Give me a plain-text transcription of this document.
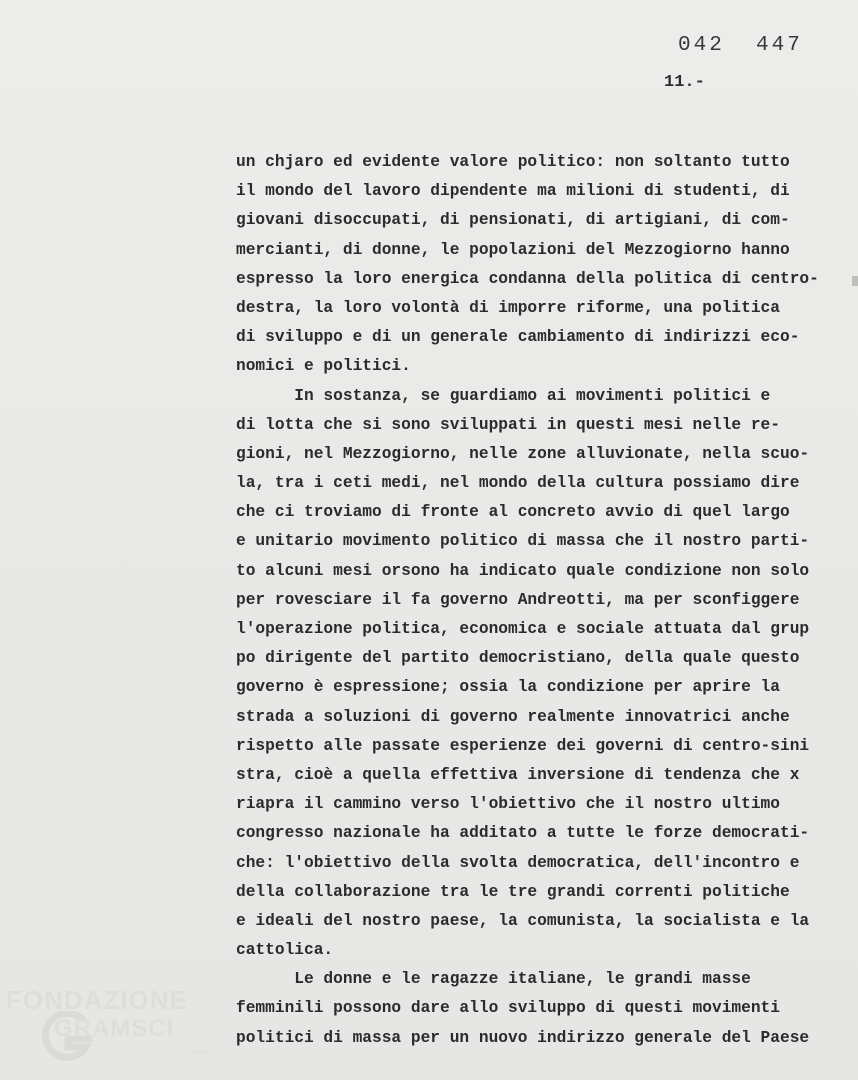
042  447
11.-
un chjaro ed evidente valore politico: non soltanto tutto
il mondo del lavoro dipendente ma milioni di studenti, di
giovani disoccupati, di pensionati, di artigiani, di com-
mercianti, di donne, le popolazioni del Mezzogiorno hanno
espresso la loro energica condanna della politica di centro-
destra, la loro volontà di imporre riforme, una politica
di sviluppo e di un generale cambiamento di indirizzi eco-
nomici e politici.
In sostanza, se guardiamo ai movimenti politici e
di lotta che si sono sviluppati in questi mesi nelle re-
gioni, nel Mezzogiorno, nelle zone alluvionate, nella scuo-
la, tra i ceti medi, nel mondo della cultura possiamo dire
che ci troviamo di fronte al concreto avvio di quel largo
e unitario movimento politico di massa che il nostro parti-
to alcuni mesi orsono ha indicato quale condizione non solo
per rovesciare il fa governo Andreotti, ma per sconfiggere
l'operazione politica, economica e sociale attuata dal grup
po dirigente del partito democristiano, della quale questo
governo è espressione; ossia la condizione per aprire la
strada a soluzioni di governo realmente innovatrici anche
rispetto alle passate esperienze dei governi di centro-sini
stra, cioè a quella effettiva inversione di tendenza che x
riapra il cammino verso l'obiettivo che il nostro ultimo
congresso nazionale ha additato a tutte le forze democrati-
che: l'obiettivo della svolta democratica, dell'incontro e
della collaborazione tra le tre grandi correnti politiche
e ideali del nostro paese, la comunista, la socialista e la
cattolica.
Le donne e le ragazze italiane, le grandi masse
femminili possono dare allo sviluppo di questi movimenti
politici di massa per un nuovo indirizzo generale del Paese
FONDAZIONE
GRAMSCI
onlus
